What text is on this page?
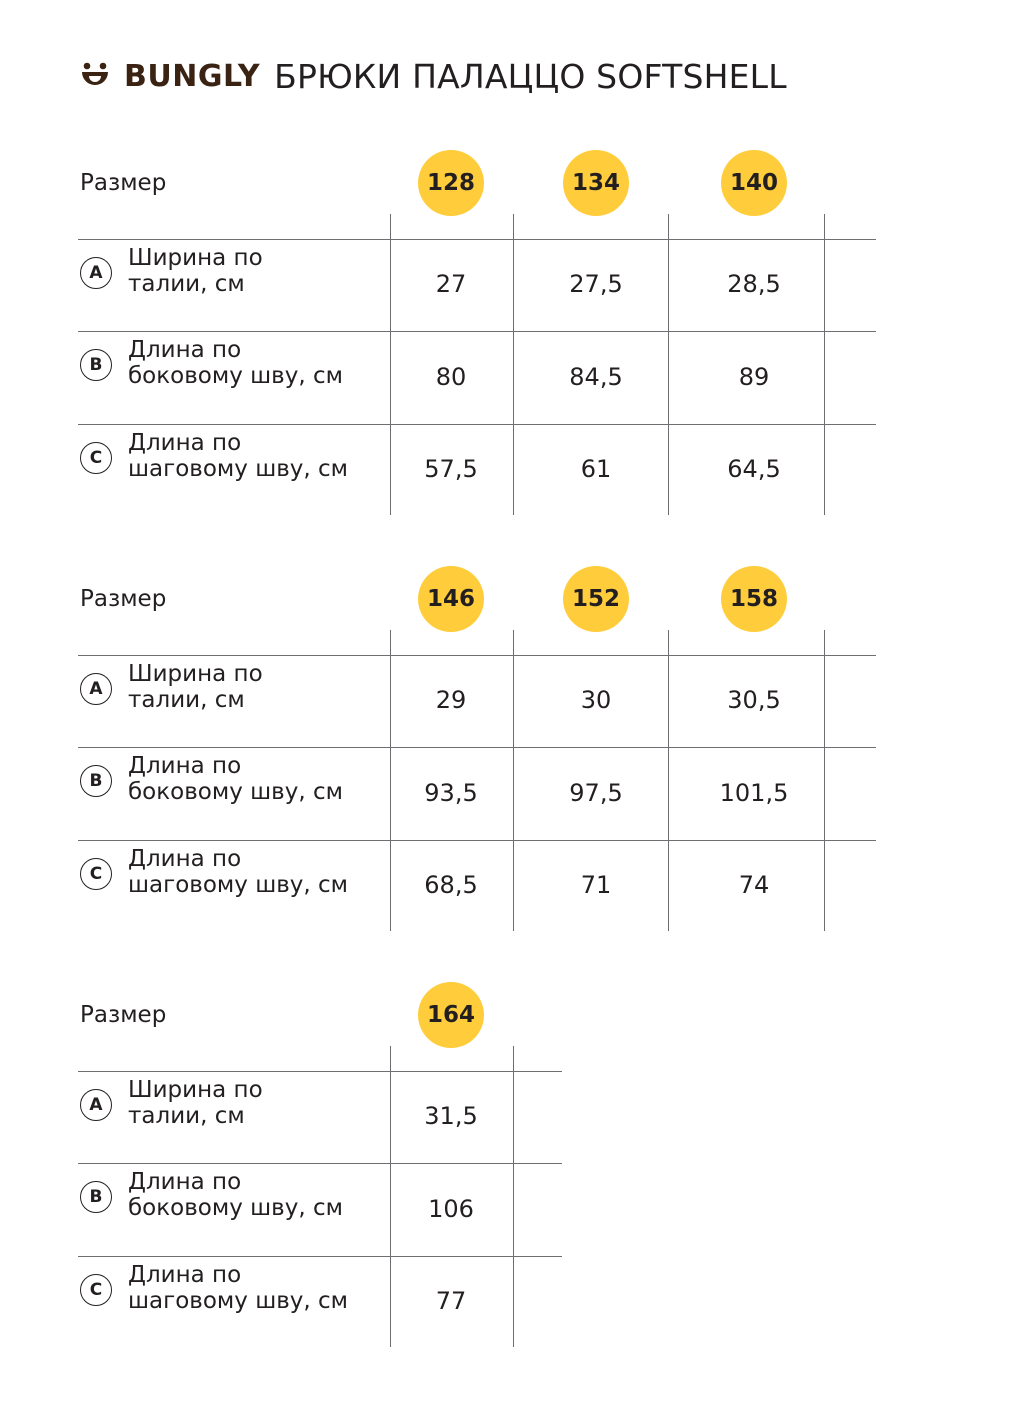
BUNGLY БРЮКИ ПАЛАЦЦО SOFTSHELL
Размер	128	134	140
A
Ширина по
талии, см	27	27,5	28,5
B
Длина по
боковому шву, см	80	84,5	89
C
Длина по
шаговому шву, см	57,5	61	64,5
Размер	146	152	158
A
Ширина по
талии, см	29	30	30,5
B
Длина по
боковому шву, см	93,5	97,5	101,5
C
Длина по
шаговому шву, см	68,5	71	74
Размер	164
A
Ширина по
талии, см	31,5
B
Длина по
боковому шву, см	106
C
Длина по
шаговому шву, см	77
